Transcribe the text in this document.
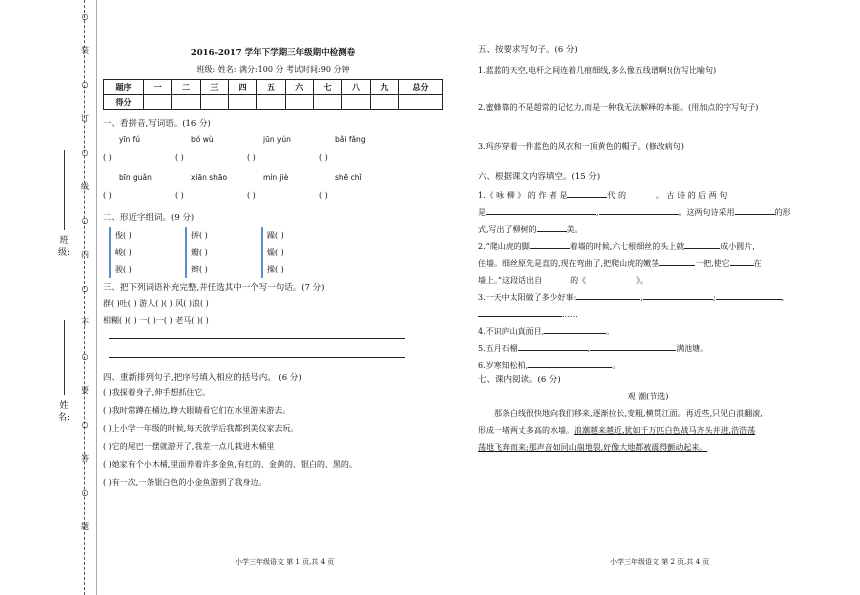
○
装
○
订
○
线
○
内
○
不
○
要
○
答
○
题
班级:
姓名:
2016-2017 学年下学期三年级期中检测卷
班级: 姓名: 满分:100 分 考试时间:90 分钟
题序	一	二	三	四	五	六	七	八	九	总分
得分										
一、看拼音,写词语。(16 分)
yīn fú	bó wù	jūn yún	bǎi fǎng
( )	( )	( )	( )
bīn guǎn	xiān shāo	mín jiè	shē chǐ
( )	( )	( )	( )
二、形近字组词。(9 分)
俊( )	拼( )	躁( )
峻( )	瓣( )	燥( )
骏( )	辫( )	操( )
三、把下列词语补充完整,并任选其中一个写一句话。(7 分)
群( )吐( ) 游人( )( ) 风( )浪( )
相糊( )( ) 一( )一( ) 老马( )( )
四、重新排列句子,把序号填入相应的括号内。 (6 分)
( )我探着身子,伸手想抓住它。
( )我时常蹲在桶边,睁大眼睛看它们在水里游来游去。
( )上小学一年级的时候,每天放学后我都到美仪家去玩。
( )它的尾巴一摆就游开了,我差一点儿栽进木桶里
( )她家有个小木桶,里面养着许多金鱼,有红的、金黄的、银白的、黑的。
( )有一次,一条银白色的小金鱼游到了我身边。
小学三年级语文 第 1 页,共 4 页
五、按要求写句子。(6 分)
1.蓝蓝的天空,电杆之间连着几痕细线,多么像五线谱啊!(仿写比喻句)
2.蜜蜂靠的不是超常的记忆力,而是一种我无法解释的本能。(用加点的字写句子)
3.玛莎穿着一件蓝色的风衣和一顶黄色的帽子。(修改病句)
六、根据课文内容填空。(15 分)
1.《 咏 柳 》 的 作 者 是	代 的	。 古 诗 的 后 两 句
是	,	。这两句诗采用	的形
式,写出了柳树的	美。
2.“爬山虎的脚	着墙的时候,六七根细丝的头上就	成小圆片,
住墙。细丝原先是直的,现在弯曲了,把爬山虎的嫩茎	一把,使它	在
墙上。”这段话出自	的《	》。
3.一天中太阳做了多少好事:	,	;	,
……
4.不识庐山真面目,	。
5.五月石榴	,	满池塘。
6.岁寒知松柏,	。
七、课内阅读。(6 分)
观 潮(节选)
那条白线很快地向我们移来,逐渐拉长,变粗,横贯江面。再近些,只见白浪翻滚,
形成一堵两丈多高的水墙。浪潮越来越近,犹如千万匹白色战马齐头并进,浩浩荡
荡地飞奔而来;那声音如同山崩地裂,好像大地都被震得颤动起来。
小学三年级语文 第 2 页,共 4 页
